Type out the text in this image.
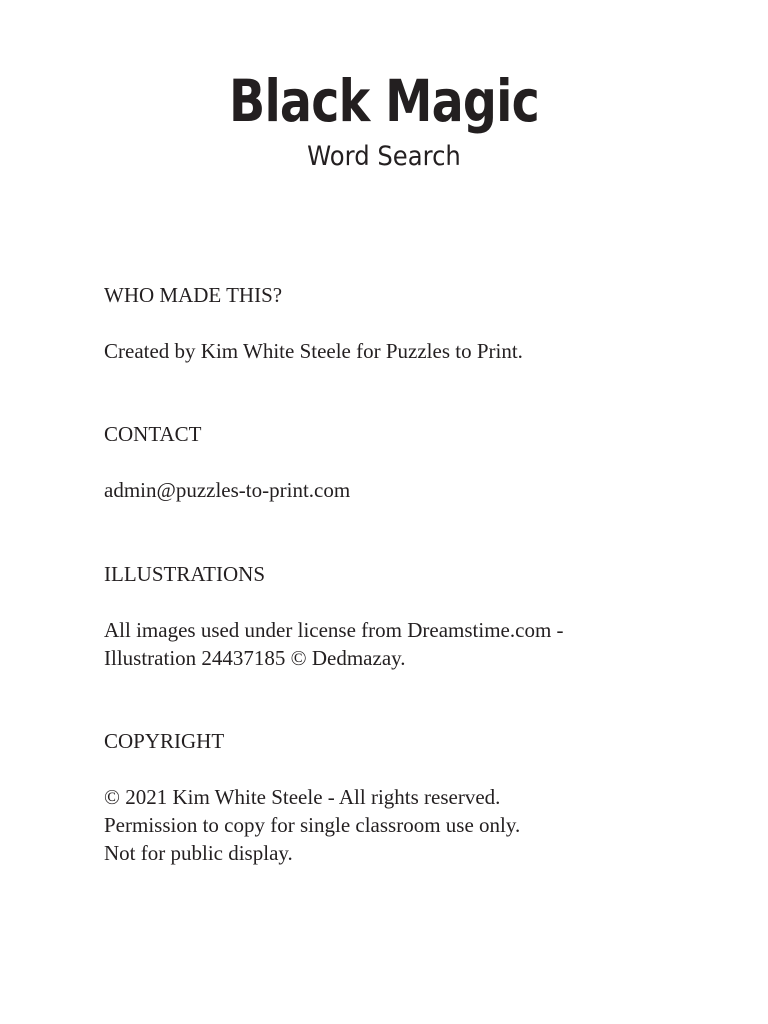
Black Magic
Word Search

WHO MADE THIS?

Created by Kim White Steele for Puzzles to Print.

CONTACT

admin@puzzles-to-print.com

ILLUSTRATIONS

All images used under license from Dreamstime.com -

Illustration 24437185 © Dedmazay.

COPYRIGHT

© 2021 Kim White Steele - All rights reserved.

Permission to copy for single classroom use only.

Not for public display.
